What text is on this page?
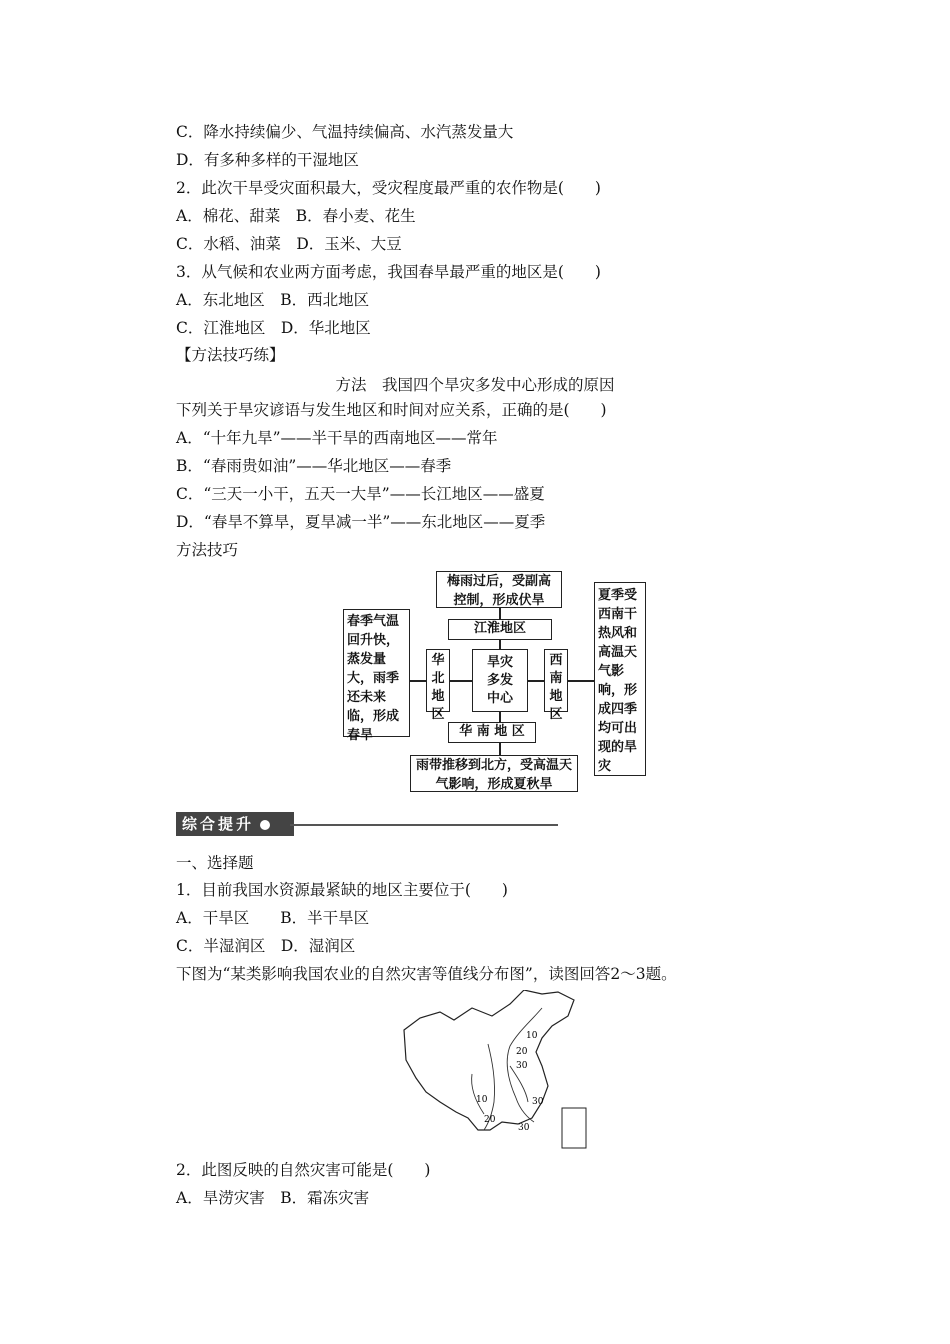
C．降水持续偏少、气温持续偏高、水汽蒸发量大
D．有多种多样的干湿地区
2．此次干旱受灾面积最大，受灾程度最严重的农作物是(　　)
A．棉花、甜菜　B．春小麦、花生
C．水稻、油菜　D．玉米、大豆
3．从气候和农业两方面考虑，我国春旱最严重的地区是(　　)
A．东北地区　B．西北地区
C．江淮地区　D．华北地区
【方法技巧练】
方法　我国四个旱灾多发中心形成的原因
下列关于旱灾谚语与发生地区和时间对应关系，正确的是(　　)
A．“十年九旱”——半干旱的西南地区——常年
B．“春雨贵如油”——华北地区——春季
C．“三天一小干，五天一大旱”——长江地区——盛夏
D．“春旱不算旱，夏旱减一半”——东北地区——夏季
方法技巧
梅雨过后，受副高控制，形成伏旱
江淮地区
春季气温回升快，蒸发量大，雨季还未来临，形成春旱
华北地区
旱灾多发中心
西南地区
夏季受西南干热风和高温天气影响，形成四季均可出现的旱灾
华 南 地 区
雨带推移到北方，受高温天气影响，形成夏秋旱
综合提升
一、选择题
1．目前我国水资源最紧缺的地区主要位于(　　)
A．干旱区　　B．半干旱区
C．半湿润区　D．湿润区
下图为“某类影响我国农业的自然灾害等值线分布图”，读图回答2～3题。
10
20
30
10	30
20
30
2．此图反映的自然灾害可能是(　　)
A．旱涝灾害　B．霜冻灾害
